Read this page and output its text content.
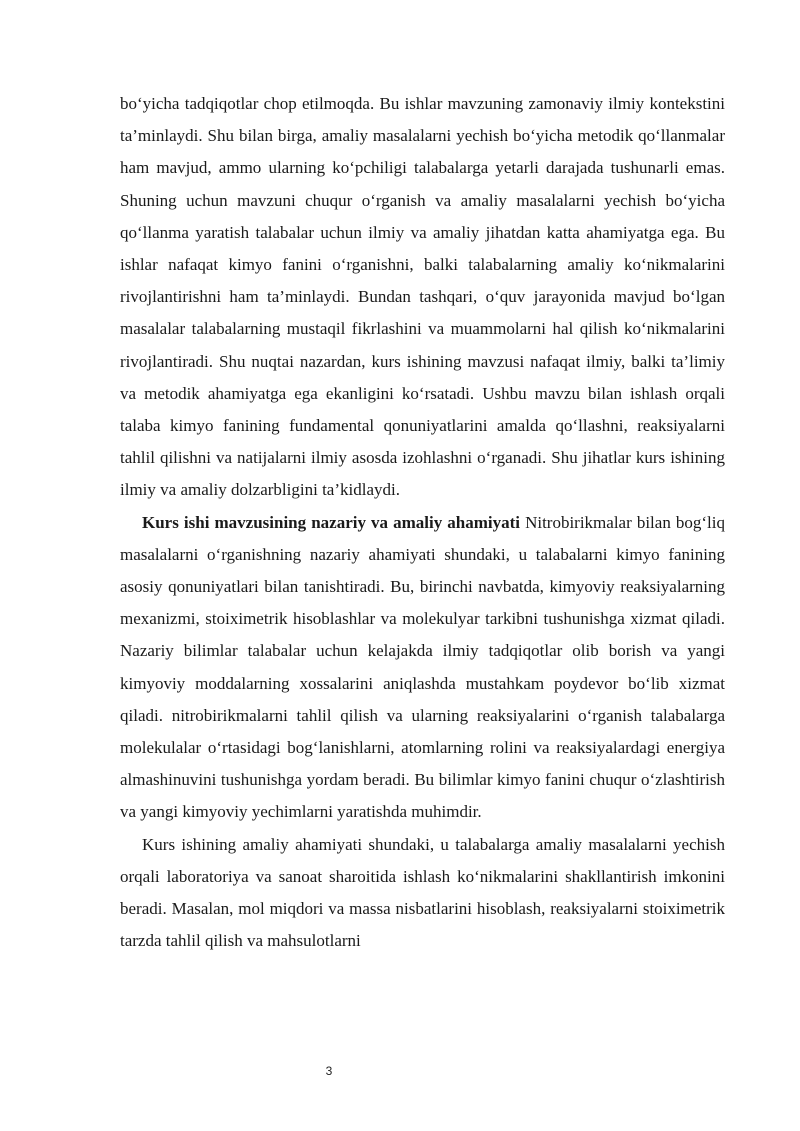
bo‘yicha tadqiqotlar chop etilmoqda. Bu ishlar mavzuning zamonaviy ilmiy kontekstini ta’minlaydi. Shu bilan birga, amaliy masalalarni yechish bo‘yicha metodik qo‘llanmalar ham mavjud, ammo ularning ko‘pchiligi talabalarga yetarli darajada tushunarli emas. Shuning uchun mavzuni chuqur o‘rganish va amaliy masalalarni yechish bo‘yicha qo‘llanma yaratish talabalar uchun ilmiy va amaliy jihatdan katta ahamiyatga ega. Bu ishlar nafaqat kimyo fanini o‘rganishni, balki talabalarning amaliy ko‘nikmalarini rivojlantirishni ham ta’minlaydi. Bundan tashqari, o‘quv jarayonida mavjud bo‘lgan masalalar talabalarning mustaqil fikrlashini va muammolarni hal qilish ko‘nikmalarini rivojlantiradi. Shu nuqtai nazardan, kurs ishining mavzusi nafaqat ilmiy, balki ta’limiy va metodik ahamiyatga ega ekanligini ko‘rsatadi. Ushbu mavzu bilan ishlash orqali talaba kimyo fanining fundamental qonuniyatlarini amalda qo‘llashni, reaksiyalarni tahlil qilishni va natijalarni ilmiy asosda izohlashni o‘rganadi. Shu jihatlar kurs ishining ilmiy va amaliy dolzarbligini ta’kidlaydi.

Kurs ishi mavzusining nazariy va amaliy ahamiyati Nitrobirikmalar bilan bog‘liq masalalarni o‘rganishning nazariy ahamiyati shundaki, u talabalarni kimyo fanining asosiy qonuniyatlari bilan tanishtiradi. Bu, birinchi navbatda, kimyoviy reaksiyalarning mexanizmi, stoiximetrik hisoblashlar va molekulyar tarkibni tushunishga xizmat qiladi. Nazariy bilimlar talabalar uchun kelajakda ilmiy tadqiqotlar olib borish va yangi kimyoviy moddalarning xossalarini aniqlashda mustahkam poydevor bo‘lib xizmat qiladi. nitrobirikmalarni tahlil qilish va ularning reaksiyalarini o‘rganish talabalarga molekulalar o‘rtasidagi bog‘lanishlarni, atomlarning rolini va reaksiyalardagi energiya almashinuvini tushunishga yordam beradi. Bu bilimlar kimyo fanini chuqur o‘zlashtirish va yangi kimyoviy yechimlarni yaratishda muhimdir.

Kurs ishining amaliy ahamiyati shundaki, u talabalarga amaliy masalalarni yechish orqali laboratoriya va sanoat sharoitida ishlash ko‘nikmalarini shakllantirish imkonini beradi. Masalan, mol miqdori va massa nisbatlarini hisoblash, reaksiyalarni stoiximetrik tarzda tahlil qilish va mahsulotlarni

3
